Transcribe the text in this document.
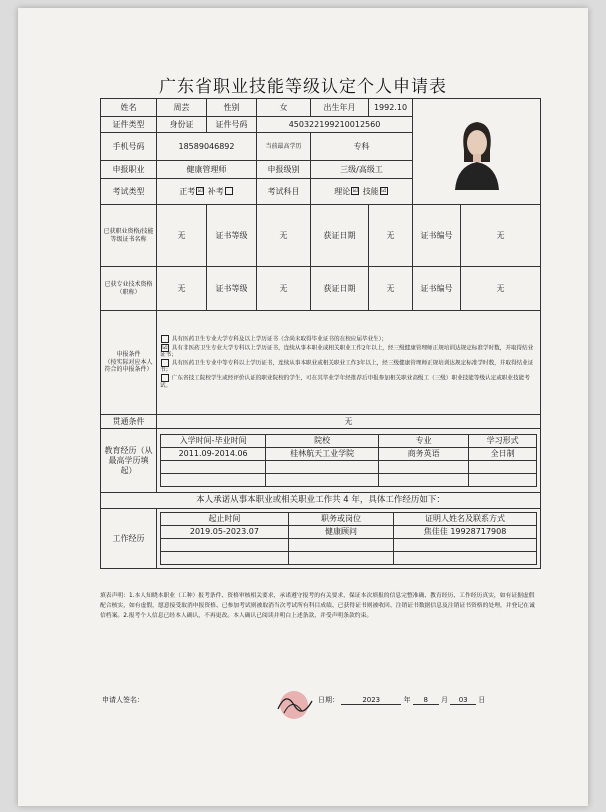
广东省职业技能等级认定个人申请表
姓名	周芸	性别	女	出生年月	1992.10	
证件类型	身份证	证件号码	450322199210012560
手机号码	18589046892	当前最高学历	专科
申报职业	健康管理师	申报级别	三级/高级工
考试类型	正考 ☑ 补考	考试科目	理论 ☑ 技能 ☑
已获职业资格/技能等级证书名称	无	证书等级	无	获证日期	无	证书编号	无
已获专业技术资格（职称）	无	证书等级	无	获证日期	无	证书编号	无

申报条件
（按实际对应本人符合的申报条件）

具有医药卫生专业大学专科及以上学历证书（含尚未取得毕业证书的在校应届毕业生）；
☑ 具有非医药卫生专业大学专科以上学历证书，连续从事本职业或相关职业工作2年以上，经三级健康管理师正规培训达规定标准学时数，并取得结业证书；
具有医药卫生专业中等专科以上学历证书，连续从事本职业或相关职业工作3年以上，经三级健康管理师正规培训达规定标准学时数，并取得结业证书；
广东省技工院校学生或经评价认证的职业院校的学生，可在其毕业学年经推荐后申报参加相关职业高级工（三级）职业技能等级认定或职业技能考试。

贯通条件	无
教育经历（从最高学历填起）	
入学时间-毕业时间	院校	专业	学习形式
2011.09-2014.06	桂林航天工业学院	商务英语	全日制

本人承诺从事本职业或相关职业工作共 4 年，具体工作经历如下：
工作经历	
起止时间	职务或岗位	证明人姓名及联系方式
2019.05-2023.07	健康顾问	焦佳佳 19928717908

填表声明：1.本人知晓本职业（工种）报考条件、资格审核相关要求，承诺遵守报考的有关要求，保证本次填报的信息完整准确、教育经历、工作经历真实，如有证据虚假配合核实，如有虚假，愿意接受取消申报资格、已参加考试则被取消当次考试所有科目成绩、已获得证书则被收回、注销证书数据信息及注销证书资格的处理，并登记在诚信档案。2.报考个人信息已经本人确认，不再更改。本人确认已阅读并明白上述条款，并受声明条款约束。
申请人签名：	日期：	2023	年 8 月 03 日
